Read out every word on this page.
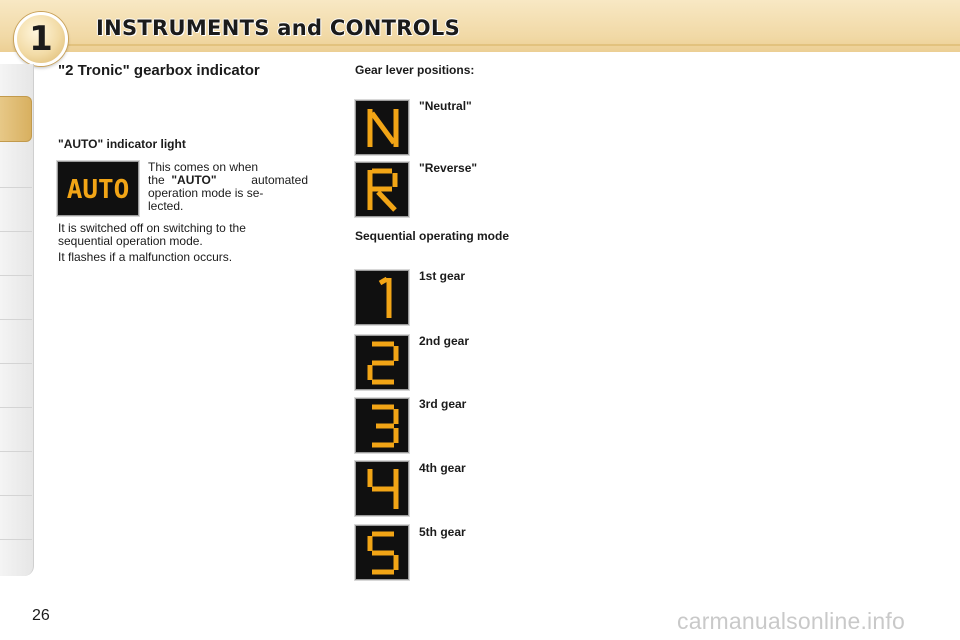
1	INSTRUMENTS and CONTROLS
"2 Tronic" gearbox indicator
"AUTO" indicator light
AUTO
This comes on when
the "AUTO"	automated
operation mode is se-
lected.
It is switched off on switching to the
sequential operation mode.
It flashes if a malfunction occurs.
Gear lever positions:
Sequential operating mode
"Neutral"
"Reverse"
1st gear
2nd gear
3rd gear
4th gear
5th gear
26	carmanualsonline.info
